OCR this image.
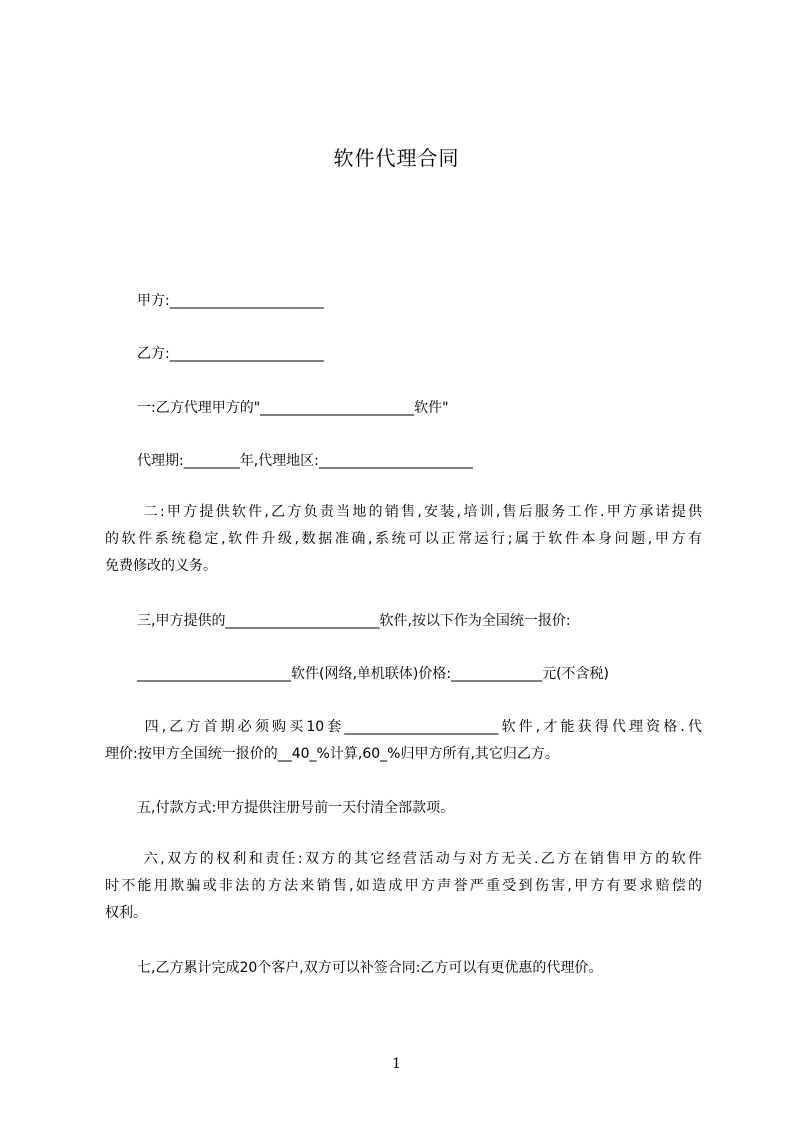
软件代理合同
甲方:______________________
乙方:______________________
一:乙方代理甲方的"______________________软件"
代理期:________年,代理地区:______________________
二:甲方提供软件,乙方负责当地的销售,安装,培训,售后服务工作.甲方承诺提供
的软件系统稳定,软件升级,数据准确,系统可以正常运行;属于软件本身问题,甲方有
免费修改的义务。
三,甲方提供的______________________软件,按以下作为全国统一报价:
______________________软件(网络,单机联体)价格:_____________元(不含税)
四,乙方首期必须购买10套______________________软件,才能获得代理资格.代
理价:按甲方全国统一报价的__40_%计算,60_%归甲方所有,其它归乙方。
五,付款方式:甲方提供注册号前一天付清全部款项。
六,双方的权利和责任:双方的其它经营活动与对方无关.乙方在销售甲方的软件
时不能用欺骗或非法的方法来销售,如造成甲方声誉严重受到伤害,甲方有要求赔偿的
权利。
七,乙方累计完成20个客户,双方可以补签合同:乙方可以有更优惠的代理价。
1
